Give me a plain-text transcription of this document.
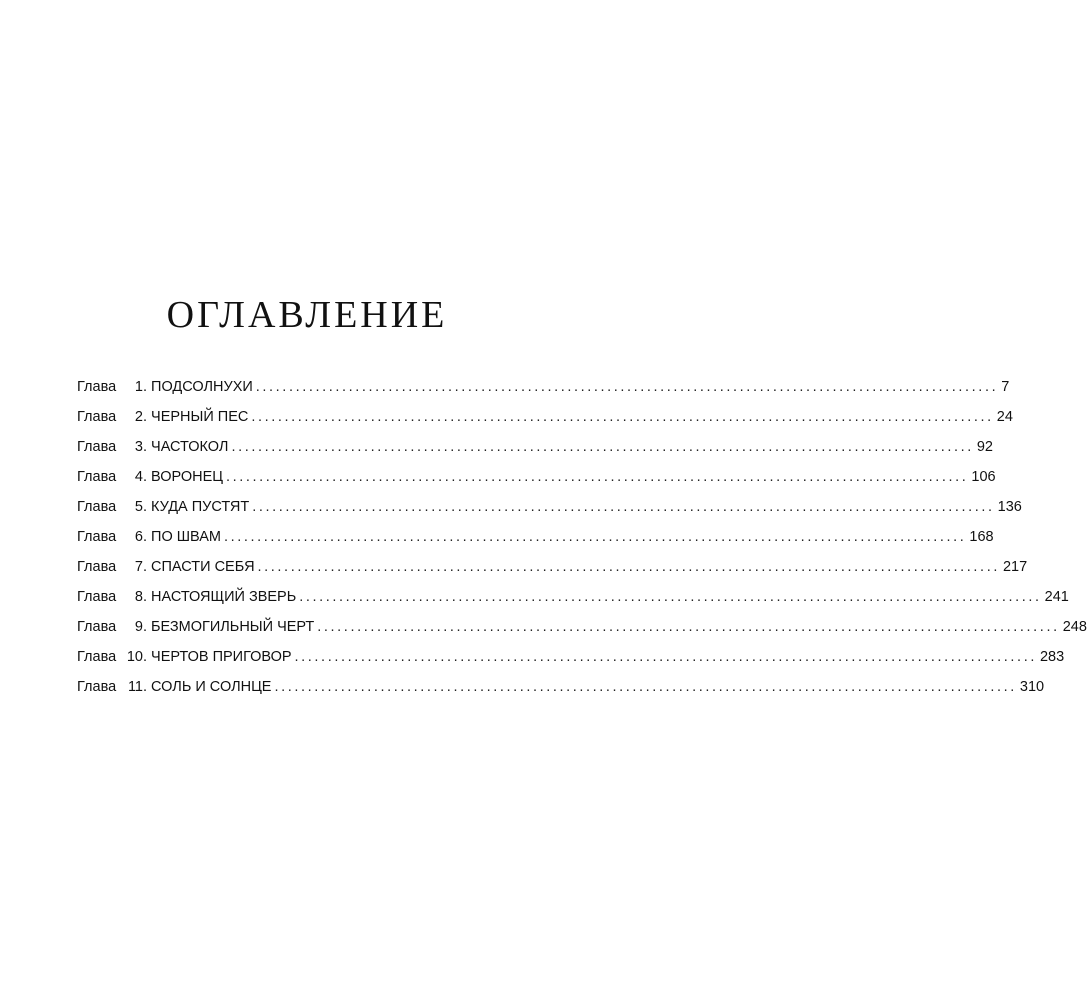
ОГЛАВЛЕНИЕ
Глава	1 . ПОДСОЛНУХИ ................................................................................................................ 7
Глава	2 . ЧЕРНЫЙ ПЕС ................................................................................................................ 24
Глава	3 . ЧАСТОКОЛ ................................................................................................................ 92
Глава	4 . ВОРОНЕЦ ................................................................................................................ 106
Глава	5 . КУДА ПУСТЯТ ................................................................................................................ 136
Глава	6 . ПО ШВАМ ................................................................................................................ 168
Глава	7 . СПАСТИ СЕБЯ ................................................................................................................ 217
Глава	8 . НАСТОЯЩИЙ ЗВЕРЬ ................................................................................................................ 241
Глава	9 . БЕЗМОГИЛЬНЫЙ ЧЕРТ ................................................................................................................ 248
Глава 10 . ЧЕРТОВ ПРИГОВОР ................................................................................................................ 283
Глава 11 . СОЛЬ И СОЛНЦЕ ................................................................................................................ 310
